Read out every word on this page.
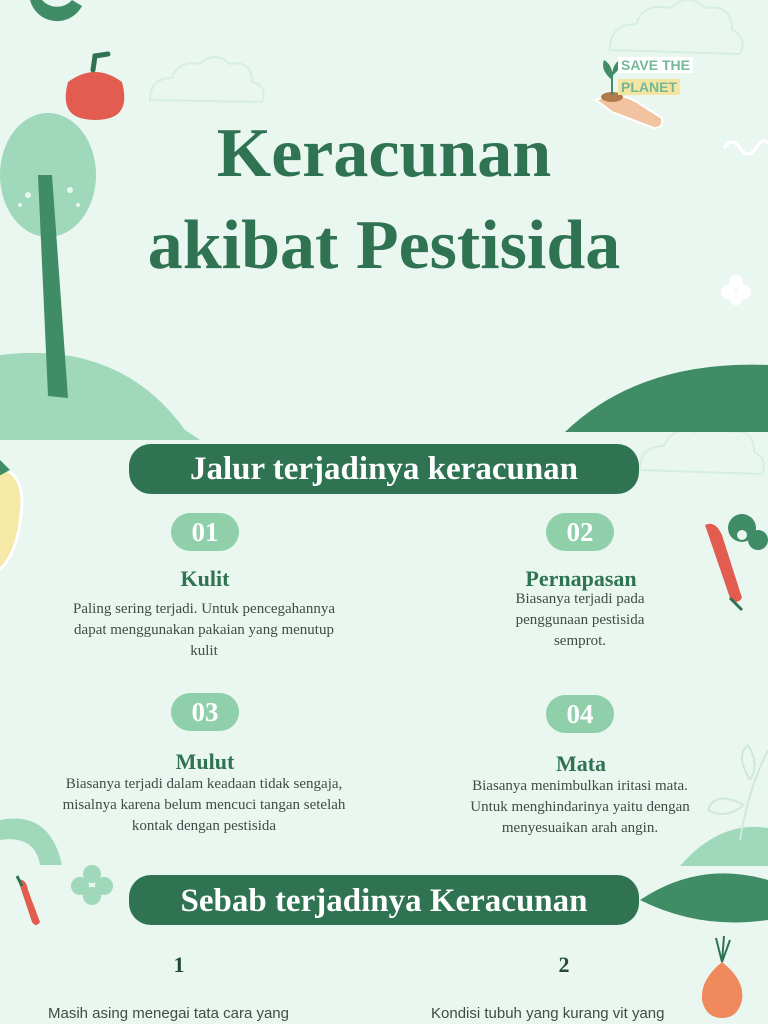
SAVE THE
PLANET
Keracunan
akibat Pestisida
Jalur terjadinya keracunan
01
Kulit
Paling sering terjadi. Untuk pencegahannya
dapat menggunakan pakaian yang menutup
kulit
02
Pernapasan
Biasanya terjadi pada
penggunaan pestisida
semprot.
03
Mulut
Biasanya terjadi dalam keadaan tidak sengaja,
misalnya karena belum mencuci tangan setelah
kontak dengan pestisida
04
Mata
Biasanya menimbulkan iritasi mata.
Untuk menghindarinya yaitu dengan
menyesuaikan arah angin.
Sebab terjadinya Keracunan
1
Masih asing menegai tata cara yang
2
Kondisi tubuh yang kurang vit yang
